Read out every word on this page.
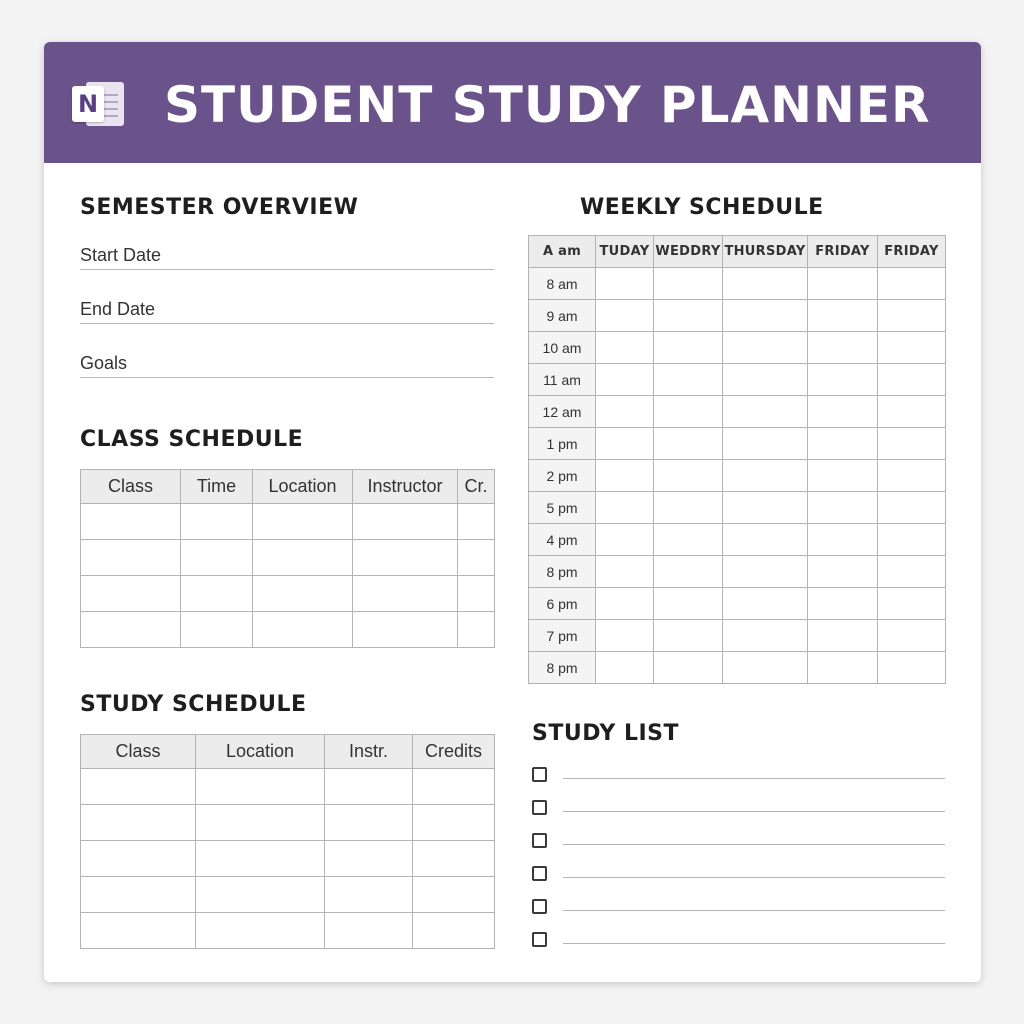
N STUDENT STUDY PLANNER
SEMESTER OVERVIEW
Start Date
End Date
Goals
CLASS SCHEDULE
Class	Time	Location	Instructor	Cr.

STUDY SCHEDULE
Class	Location	Instr.	Credits

WEEKLY SCHEDULE
A am	TUDAY	WEDDRY	THURSDAY	FRIDAY	FRIDAY
8 am					
9 am					
10 am					
11 am					
12 am					
1 pm					
2 pm					
5 pm					
4 pm					
8 pm					
6 pm					
7 pm					
8 pm					
STUDY LIST
